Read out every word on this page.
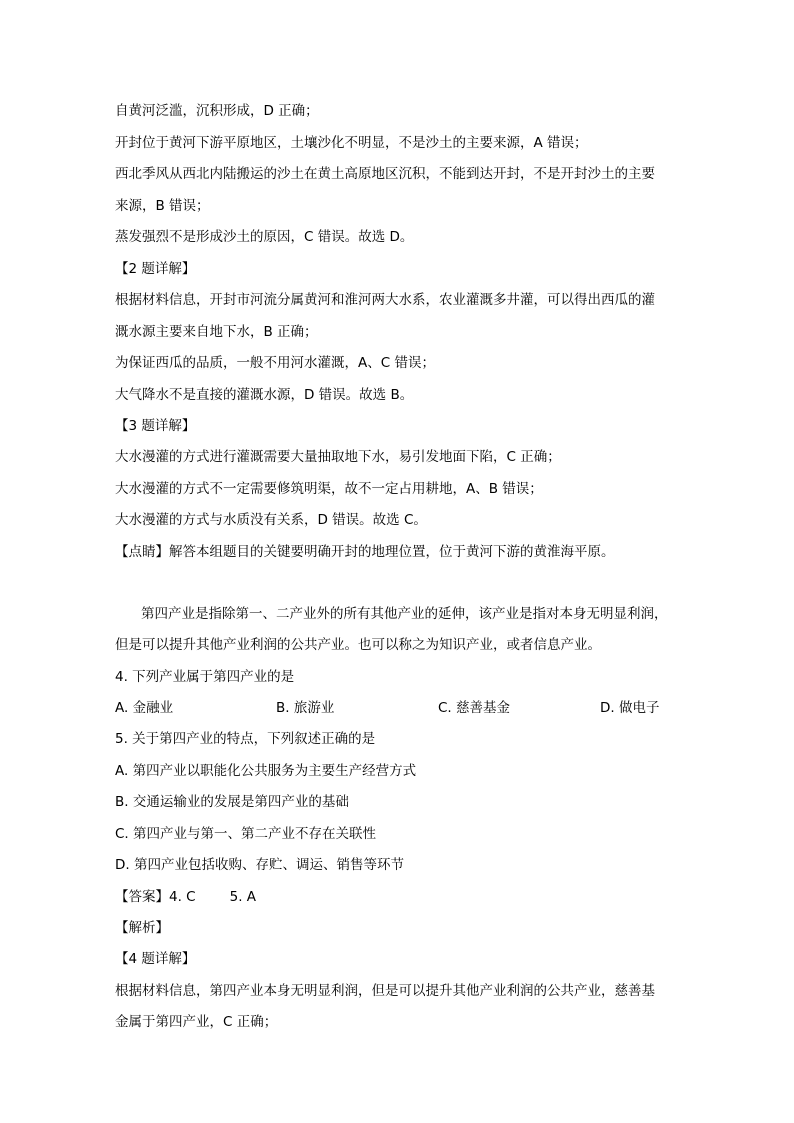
自黄河泛滥，沉积形成，D 正确；

开封位于黄河下游平原地区，土壤沙化不明显，不是沙土的主要来源，A 错误；

西北季风从西北内陆搬运的沙土在黄土高原地区沉积，不能到达开封，不是开封沙土的主要

来源，B 错误；

蒸发强烈不是形成沙土的原因，C 错误。故选 D。

【2 题详解】

根据材料信息，开封市河流分属黄河和淮河两大水系，农业灌溉多井灌，可以得出西瓜的灌

溉水源主要来自地下水，B 正确；

为保证西瓜的品质，一般不用河水灌溉，A、C 错误；

大气降水不是直接的灌溉水源，D 错误。故选 B。

【3 题详解】

大水漫灌的方式进行灌溉需要大量抽取地下水，易引发地面下陷，C 正确；

大水漫灌的方式不一定需要修筑明渠，故不一定占用耕地，A、B 错误；

大水漫灌的方式与水质没有关系，D 错误。故选 C。

【点睛】解答本组题目的关键要明确开封的地理位置，位于黄河下游的黄淮海平原。

第四产业是指除第一、二产业外的所有其他产业的延伸，该产业是指对本身无明显利润，

但是可以提升其他产业利润的公共产业。也可以称之为知识产业，或者信息产业。

4. 下列产业属于第四产业的是

A. 金融业	B. 旅游业	C. 慈善基金	D. 做电子

5. 关于第四产业的特点，下列叙述正确的是

A. 第四产业以职能化公共服务为主要生产经营方式

B. 交通运输业的发展是第四产业的基础

C. 第四产业与第一、第二产业不存在关联性

D. 第四产业包括收购、存贮、调运、销售等环节

【答案】4. C	5. A

【解析】

【4 题详解】

根据材料信息，第四产业本身无明显利润，但是可以提升其他产业利润的公共产业，慈善基

金属于第四产业，C 正确；
